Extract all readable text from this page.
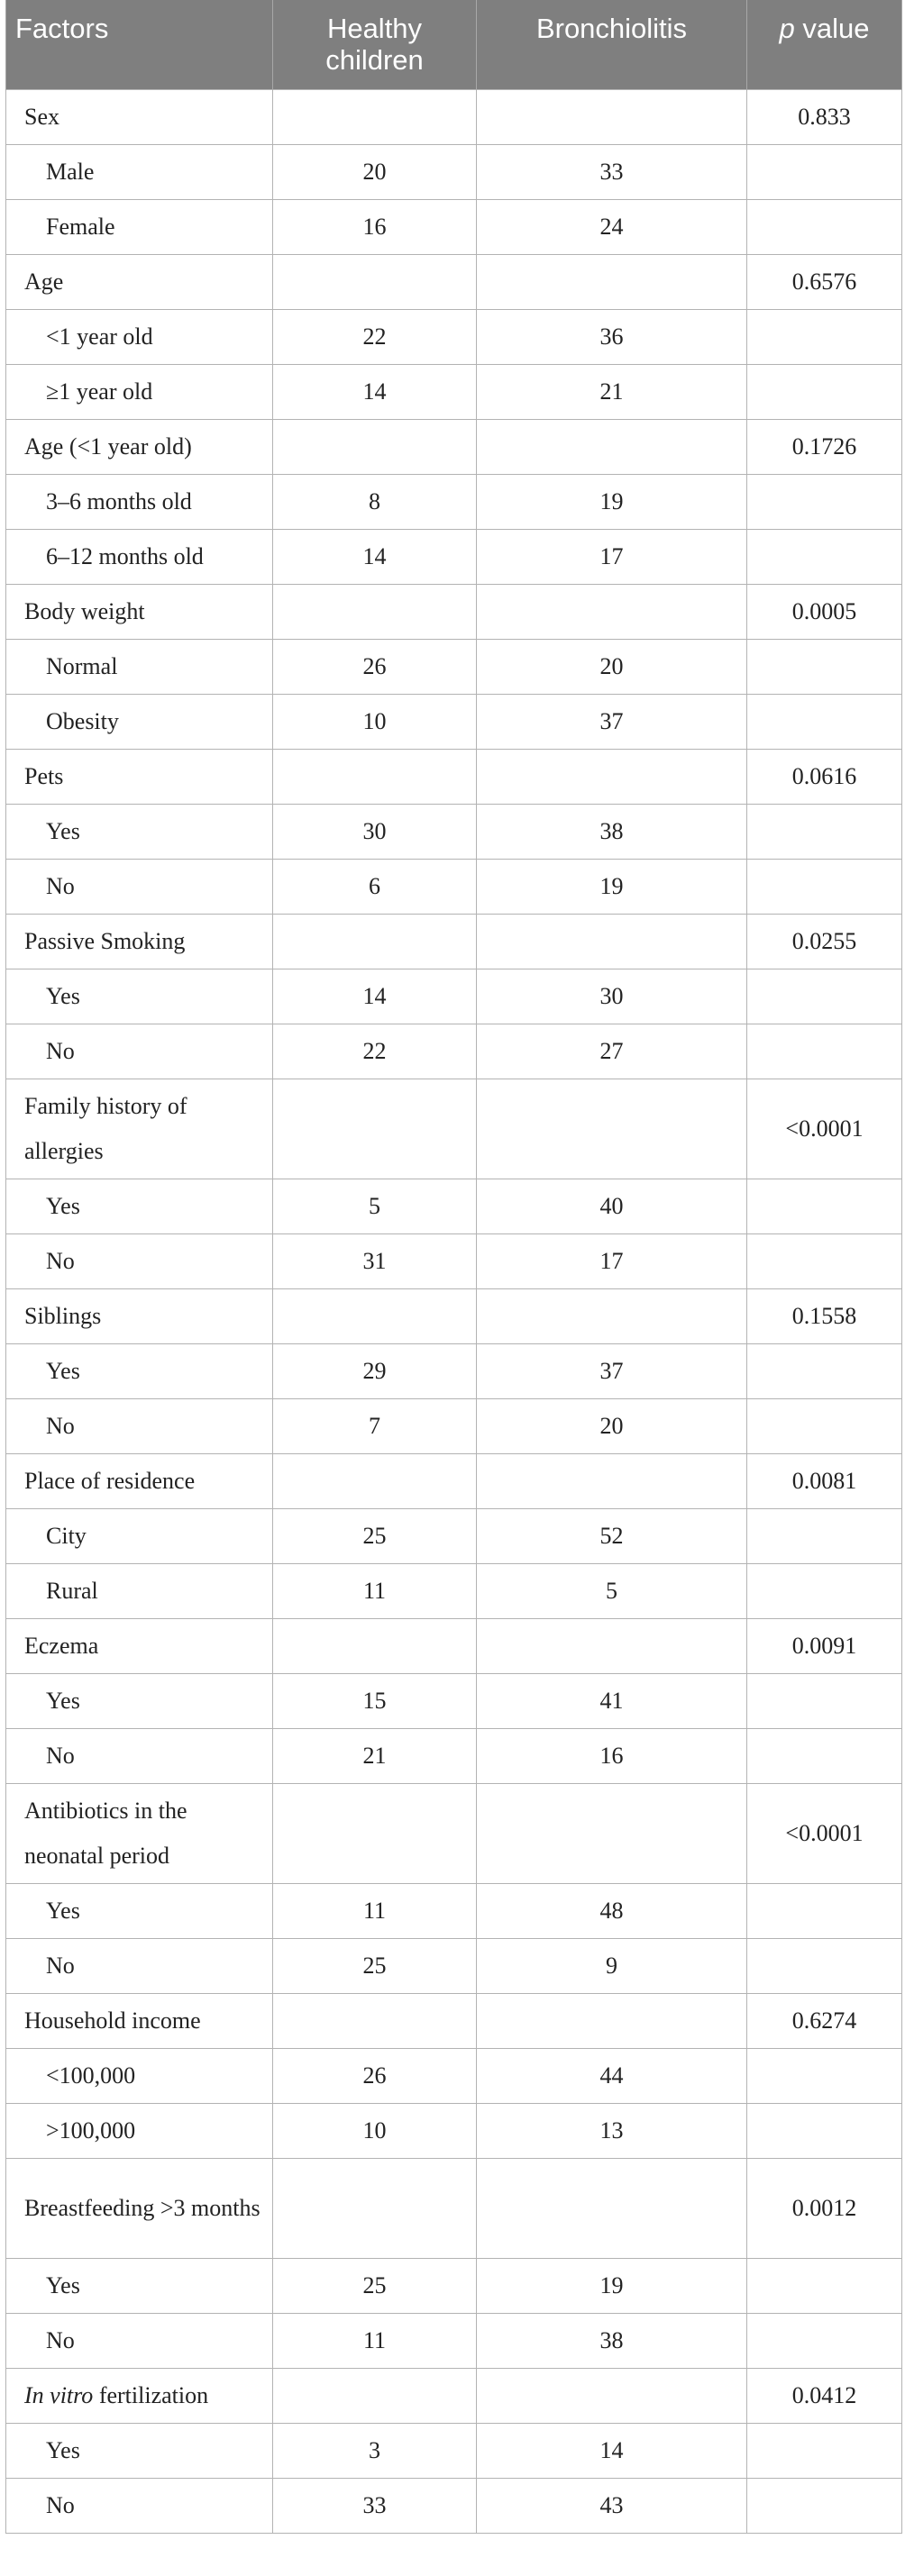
Factors	Healthy children	Bronchiolitis	p value
Sex			0.833
Male	20	33	
Female	16	24	
Age			0.6576
<1 year old	22	36	
≥1 year old	14	21	
Age (<1 year old)			0.1726
3–6 months old	8	19	
6–12 months old	14	17	
Body weight			0.0005
Normal	26	20	
Obesity	10	37	
Pets			0.0616
Yes	30	38	
No	6	19	
Passive Smoking			0.0255
Yes	14	30	
No	22	27	
Family history of allergies			<0.0001
Yes	5	40	
No	31	17	
Siblings			0.1558
Yes	29	37	
No	7	20	
Place of residence			0.0081
City	25	52	
Rural	11	5	
Eczema			0.0091
Yes	15	41	
No	21	16	
Antibiotics in the neonatal period			<0.0001
Yes	11	48	
No	25	9	
Household income			0.6274
<100,000	26	44	
>100,000	10	13	
Breastfeeding >3 months			0.0012
Yes	25	19	
No	11	38	
In vitro fertilization			0.0412
Yes	3	14	
No	33	43	
